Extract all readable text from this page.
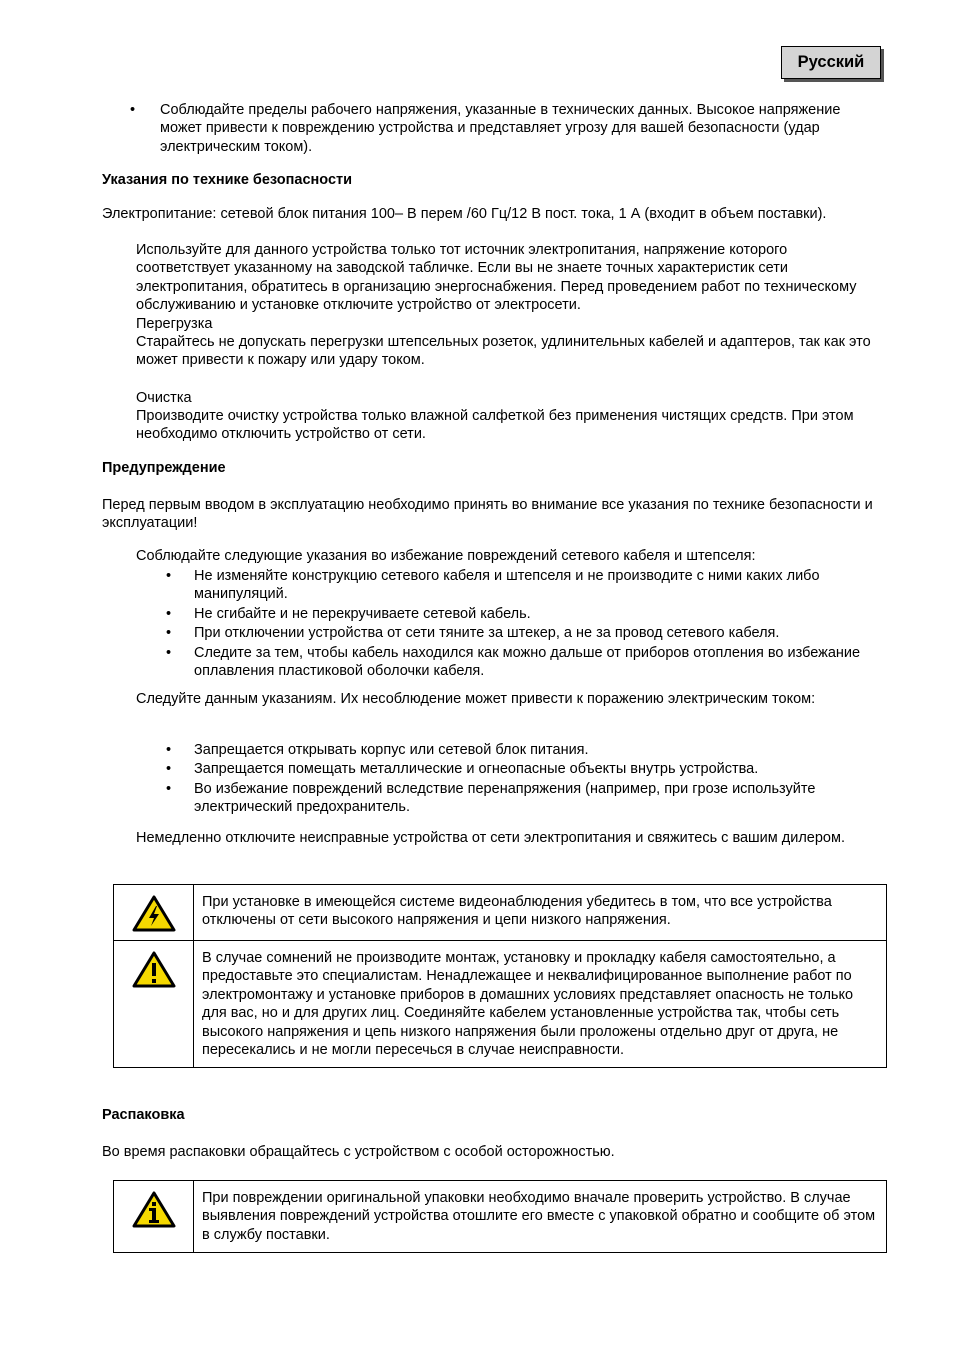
Русский
• Соблюдайте пределы рабочего напряжения, указанные в технических данных. Высокое напряжение может привести к повреждению устройства и представляет угрозу для вашей безопасности (удар электрическим током).
Указания по технике безопасности
Электропитание: сетевой блок питания 100– В перем /60 Гц/12 В пост. тока, 1 А (входит в объем поставки).
Используйте для данного устройства только тот источник электропитания, напряжение которого соответствует указанному на заводской табличке. Если вы не знаете точных характеристик сети электропитания, обратитесь в организацию энергоснабжения. Перед проведением работ по техническому обслуживанию и установке отключите устройство от электросети.
Перегрузка
Старайтесь не допускать перегрузки штепсельных розеток, удлинительных кабелей и адаптеров, так как это может привести к пожару или удару током.
Очистка
Производите очистку устройства только влажной салфеткой без применения чистящих средств. При этом необходимо отключить устройство от сети.
Предупреждение
Перед первым вводом в эксплуатацию необходимо принять во внимание все указания по технике безопасности и эксплуатации!
Соблюдайте следующие указания во избежание повреждений сетевого кабеля и штепселя:
• Не изменяйте конструкцию сетевого кабеля и штепселя и не производите с ними каких либо манипуляций.
• Не сгибайте и не перекручиваете сетевой кабель.
• При отключении устройства от сети тяните за штекер, а не за провод сетевого кабеля.
• Следите за тем, чтобы кабель находился как можно дальше от приборов отопления во избежание оплавления пластиковой оболочки кабеля.
Следуйте данным указаниям. Их несоблюдение может привести к поражению электрическим током:
• Запрещается открывать корпус или сетевой блок питания.
• Запрещается помещать металлические и огнеопасные объекты внутрь устройства.
• Во избежание повреждений вследствие перенапряжения (например, при грозе используйте электрический предохранитель.
Немедленно отключите неисправные устройства от сети электропитания и свяжитесь с вашим дилером.
	При установке в имеющейся системе видеонаблюдения убедитесь в том, что все устройства отключены от сети высокого напряжения и цепи низкого напряжения.

	В случае сомнений не производите монтаж, установку и прокладку кабеля самостоятельно, а предоставьте это специалистам. Ненадлежащее и неквалифицированное выполнение работ по электромонтажу и установке приборов в домашних условиях представляет опасность не только для вас, но и для других лиц. Соединяйте кабелем установленные устройства так, чтобы сеть высокого напряжения и цепь низкого напряжения были проложены отдельно друг от друга, не пересекались и не могли пересечься в случае неисправности.
Распаковка
Во время распаковки обращайтесь с устройством с особой осторожностью.
	При повреждении оригинальной упаковки необходимо вначале проверить устройство. В случае выявления повреждений устройства отошлите его вместе с упаковкой обратно и сообщите об этом в службу поставки.
